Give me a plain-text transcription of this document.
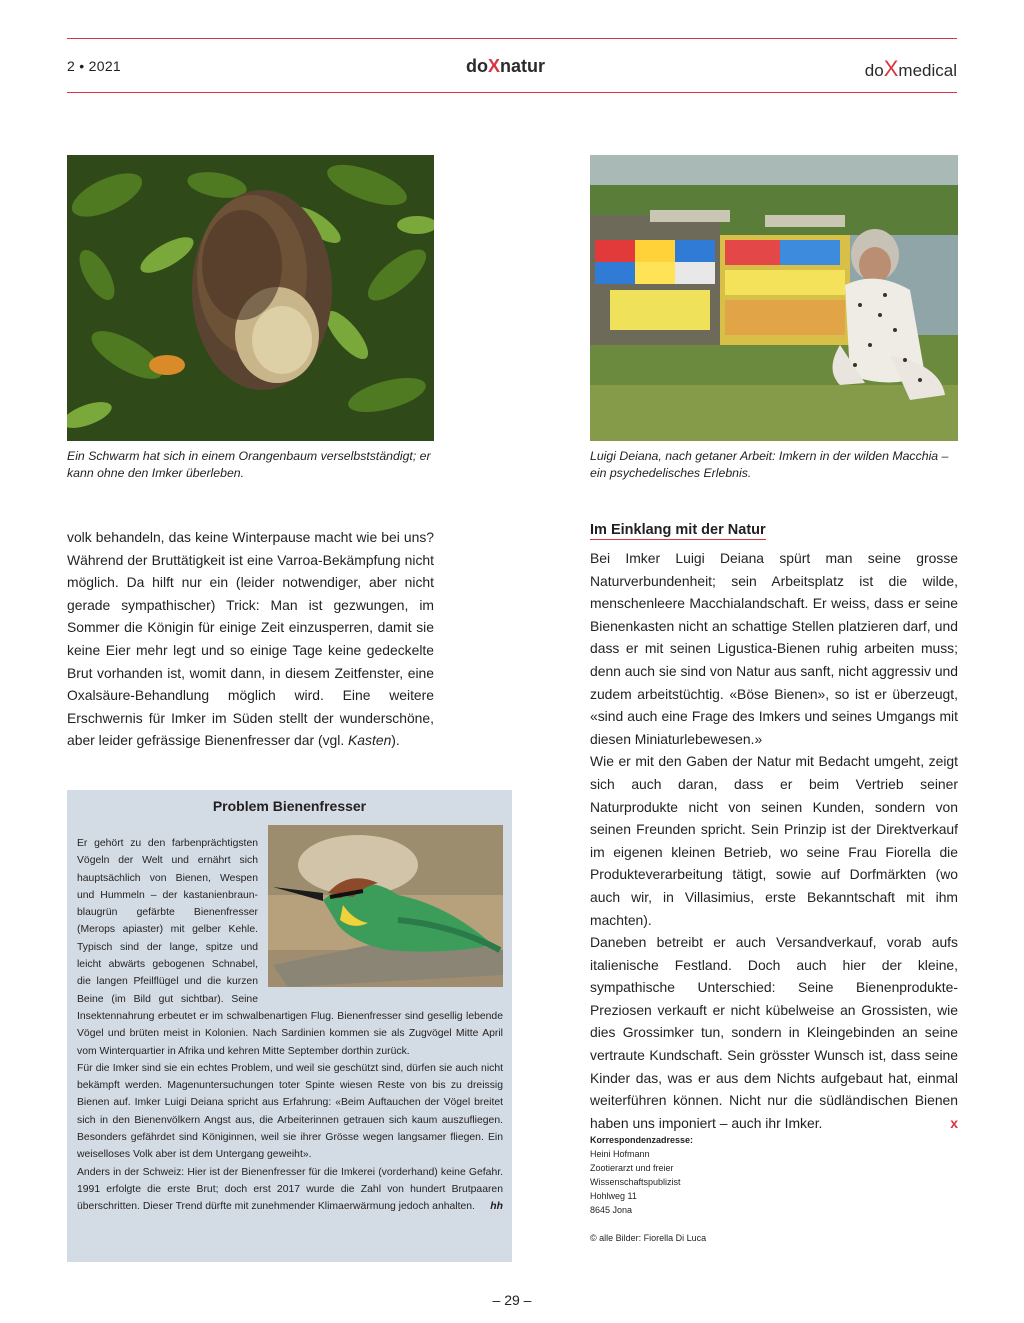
2 • 2021	doXnatur	doXmedical
Ein Schwarm hat sich in einem Orangenbaum verselbstständigt; er kann ohne den Imker überleben.
Luigi Deiana, nach getaner Arbeit: Imkern in der wilden Macchia – ein psychedelisches Erlebnis.

volk behandeln, das keine Winterpause macht wie bei uns? Während der Bruttätigkeit ist eine Varroa-Bekämpfung nicht möglich. Da hilft nur ein (leider notwendiger, aber nicht gerade sympathischer) Trick: Man ist gezwungen, im Sommer die Königin für einige Zeit einzusperren, damit sie keine Eier mehr legt und so einige Tage keine gedeckelte Brut vorhanden ist, womit dann, in diesem Zeitfenster, eine Oxalsäure-Behandlung möglich wird. Eine weitere Erschwernis für Imker im Süden stellt der wunderschöne, aber leider gefrässige Bienenfresser dar (vgl. Kasten).

Problem Bienenfresser

Er gehört zu den farbenprächtigsten Vögeln der Welt und ernährt sich hauptsächlich von Bienen, Wespen und Hummeln – der kastanienbraun-blaugrün gefärbte Bienenfresser (Merops apiaster) mit gelber Kehle. Typisch sind der lange, spitze und leicht abwärts gebogenen Schnabel, die langen Pfeilflügel und die kurzen Beine (im Bild gut sichtbar). Seine Insektennahrung erbeutet er im schwalbenartigen Flug. Bienenfresser sind gesellig lebende Vögel und brüten meist in Kolonien. Nach Sardinien kommen sie als Zugvögel Mitte April vom Winterquartier in Afrika und kehren Mitte September dorthin zurück.

Für die Imker sind sie ein echtes Problem, und weil sie geschützt sind, dürfen sie auch nicht bekämpft werden. Magenuntersuchungen toter Spinte wiesen Reste von bis zu dreissig Bienen auf. Imker Luigi Deiana spricht aus Erfahrung: «Beim Auftauchen der Vögel breitet sich in den Bienenvölkern Angst aus, die Arbeiterinnen getrauen sich kaum auszufliegen. Besonders gefährdet sind Königinnen, weil sie ihrer Grösse wegen langsamer fliegen. Ein weiselloses Volk aber ist dem Untergang geweiht».

Anders in der Schweiz: Hier ist der Bienenfresser für die Imkerei (vorderhand) keine Gefahr. 1991 erfolgte die erste Brut; doch erst 2017 wurde die Zahl von hundert Brutpaaren überschritten. Dieser Trend dürfte mit zunehmender Klimaerwärmung jedoch anhalten. hh

Im Einklang mit der Natur

Bei Imker Luigi Deiana spürt man seine grosse Naturverbundenheit; sein Arbeitsplatz ist die wilde, menschenleere Macchialandschaft. Er weiss, dass er seine Bienenkasten nicht an schattige Stellen platzieren darf, und dass er mit seinen Ligustica-Bienen ruhig arbeiten muss; denn auch sie sind von Natur aus sanft, nicht aggressiv und zudem arbeitstüchtig. «Böse Bienen», so ist er überzeugt, «sind auch eine Frage des Imkers und seines Umgangs mit diesen Miniaturlebewesen.»

Wie er mit den Gaben der Natur mit Bedacht umgeht, zeigt sich auch daran, dass er beim Vertrieb seiner Naturprodukte nicht von seinen Kunden, sondern von seinen Freunden spricht. Sein Prinzip ist der Direktverkauf im eigenen kleinen Betrieb, wo seine Frau Fiorella die Produkteverarbeitung tätigt, sowie auf Dorfmärkten (wo auch wir, in Villasimius, erste Bekanntschaft mit ihm machten).

Daneben betreibt er auch Versandverkauf, vorab aufs italienische Festland. Doch auch hier der kleine, sympathische Unterschied: Seine Bienenprodukte-Preziosen verkauft er nicht kübelweise an Grossisten, wie dies Grossimker tun, sondern in Kleingebinden an seine vertraute Kundschaft. Sein grösster Wunsch ist, dass seine Kinder das, was er aus dem Nichts aufgebaut hat, einmal weiterführen können. Nicht nur die südländischen Bienen haben uns imponiert – auch ihr Imker.	x

Korrespondenzadresse:
Heini Hofmann
Zootierarzt und freier
Wissenschaftspublizist
Hohlweg 11
8645 Jona
© alle Bilder: Fiorella Di Luca
– 29 –
